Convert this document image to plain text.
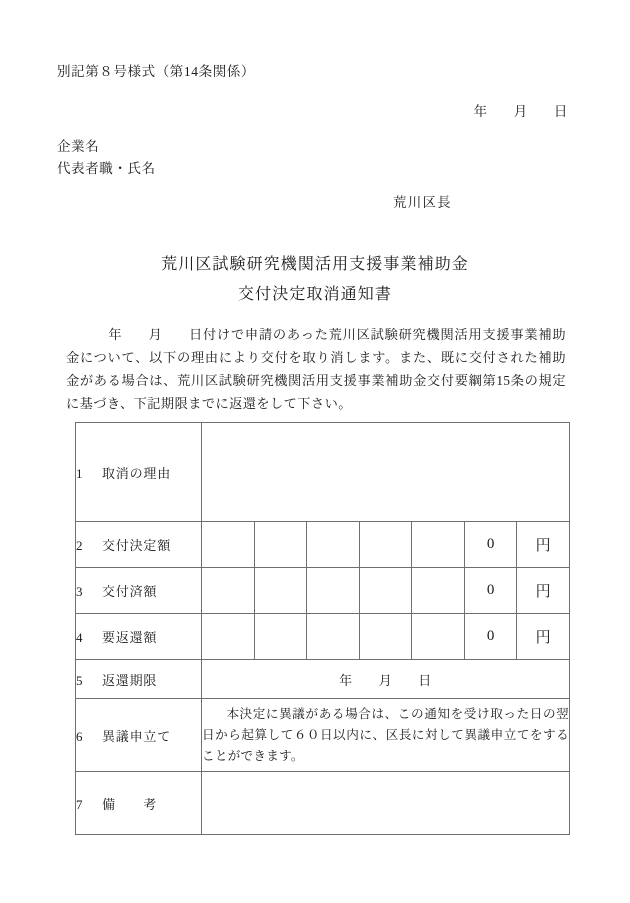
別記第８号様式（第14条関係）
年 月 日
企業名
代表者職・氏名
荒川区長
荒川区試験研究機関活用支援事業補助金
交付決定取消通知書
年 月 日付けで申請のあった荒川区試験研究機関活用支援事業補助金について、以下の理由により交付を取り消します。また、既に交付された補助金がある場合は、荒川区試験研究機関活用支援事業補助金交付要綱第15条の規定に基づき、下記期限までに返還をして下さい。
1 取消の理由							
2 交付決定額						0	円
3 交付済額						0	円
4 要返還額						0	円
5 返還期限	年 月 日						
6 異議申立て	本決定に異議がある場合は、この通知を受け取った日の翌日から起算して６０日以内に、区長に対して異議申立てをすることができます。						
7 備　　考							
